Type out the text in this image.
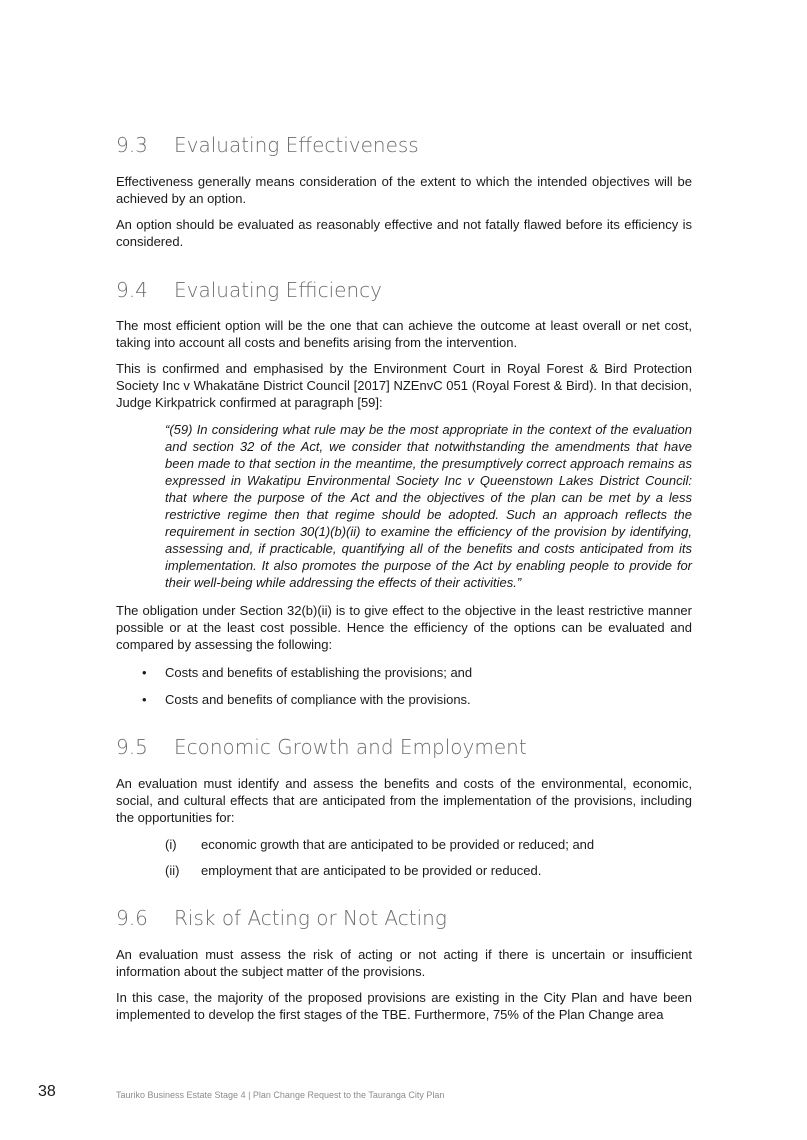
9.3 Evaluating Effectiveness

Effectiveness generally means consideration of the extent to which the intended objectives will be achieved by an option.

An option should be evaluated as reasonably effective and not fatally flawed before its efficiency is considered.

9.4 Evaluating Efficiency

The most efficient option will be the one that can achieve the outcome at least overall or net cost, taking into account all costs and benefits arising from the intervention.

This is confirmed and emphasised by the Environment Court in Royal Forest & Bird Protection Society Inc v Whakatāne District Council [2017] NZEnvC 051 (Royal Forest & Bird). In that decision, Judge Kirkpatrick confirmed at paragraph [59]:

“(59) In considering what rule may be the most appropriate in the context of the evaluation and section 32 of the Act, we consider that notwithstanding the amendments that have been made to that section in the meantime, the presumptively correct approach remains as expressed in Wakatipu Environmental Society Inc v Queenstown Lakes District Council: that where the purpose of the Act and the objectives of the plan can be met by a less restrictive regime then that regime should be adopted. Such an approach reflects the requirement in section 30(1)(b)(ii) to examine the efficiency of the provision by identifying, assessing and, if practicable, quantifying all of the benefits and costs anticipated from its implementation. It also promotes the purpose of the Act by enabling people to provide for their well-being while addressing the effects of their activities.”

The obligation under Section 32(b)(ii) is to give effect to the objective in the least restrictive manner possible or at the least cost possible. Hence the efficiency of the options can be evaluated and compared by assessing the following:

• Costs and benefits of establishing the provisions; and
• Costs and benefits of compliance with the provisions.
9.5 Economic Growth and Employment

An evaluation must identify and assess the benefits and costs of the environmental, economic, social, and cultural effects that are anticipated from the implementation of the provisions, including the opportunities for:

(i) economic growth that are anticipated to be provided or reduced; and
(ii) employment that are anticipated to be provided or reduced.
9.6 Risk of Acting or Not Acting

An evaluation must assess the risk of acting or not acting if there is uncertain or insufficient information about the subject matter of the provisions.

In this case, the majority of the proposed provisions are existing in the City Plan and have been implemented to develop the first stages of the TBE. Furthermore, 75% of the Plan Change area

38	Tauriko Business Estate Stage 4 | Plan Change Request to the Tauranga City Plan
